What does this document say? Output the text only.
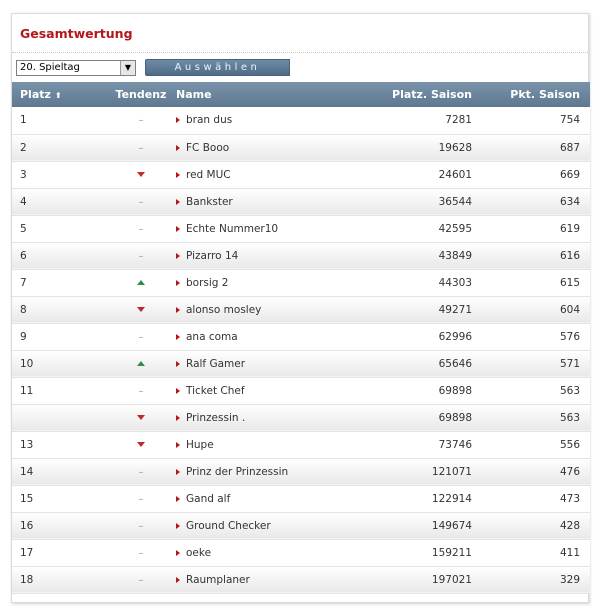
Gesamtwertung
20. Spieltag	▼	Auswählen
Platz ⬆	Tendenz	Name	Platz. Saison	Pkt. Saison
1	–	bran dus	7281	754
2	–	FC Booo	19628	687
3		red MUC	24601	669
4	–	Bankster	36544	634
5	–	Echte Nummer10	42595	619
6	–	Pizarro 14	43849	616
7		borsig 2	44303	615
8		alonso mosley	49271	604
9	–	ana coma	62996	576
10		Ralf Gamer	65646	571
11	–	Ticket Chef	69898	563
		Prinzessin .	69898	563
13		Hupe	73746	556
14	–	Prinz der Prinzessin	121071	476
15	–	Gand alf	122914	473
16	–	Ground Checker	149674	428
17	–	oeke	159211	411
18	–	Raumplaner	197021	329
